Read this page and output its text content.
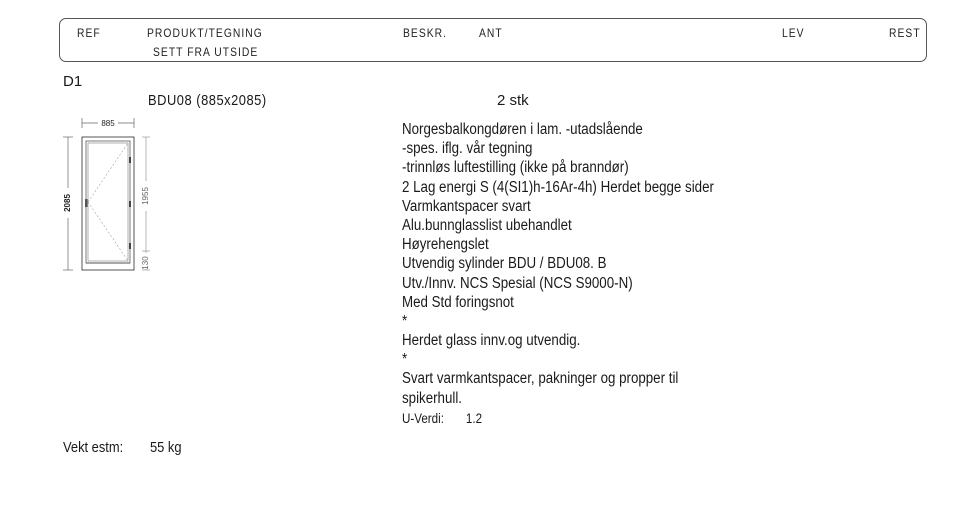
REF	PRODUKT/TEGNING
SETT FRA UTSIDE
BESKR.	ANT	LEV	REST
D1
BDU08 (885x2085)	2 stk
885
2085	1955
130
Norgesbalkongdøren i lam. -utadslående
-spes. iflg. vår tegning
-trinnløs luftestilling (ikke på branndør)
2 Lag energi S (4(SI1)h-16Ar-4h) Herdet begge sider
Varmkantspacer svart
Alu.bunnglasslist ubehandlet
Høyrehengslet
Utvendig sylinder BDU / BDU08. B
Utv./Innv. NCS Spesial (NCS S9000-N)
Med Std foringsnot
*
Herdet glass innv.og utvendig.
*
Svart varmkantspacer, pakninger og propper til
spikerhull.
U-Verdi: 1.2
Vekt estm: 55 kg
